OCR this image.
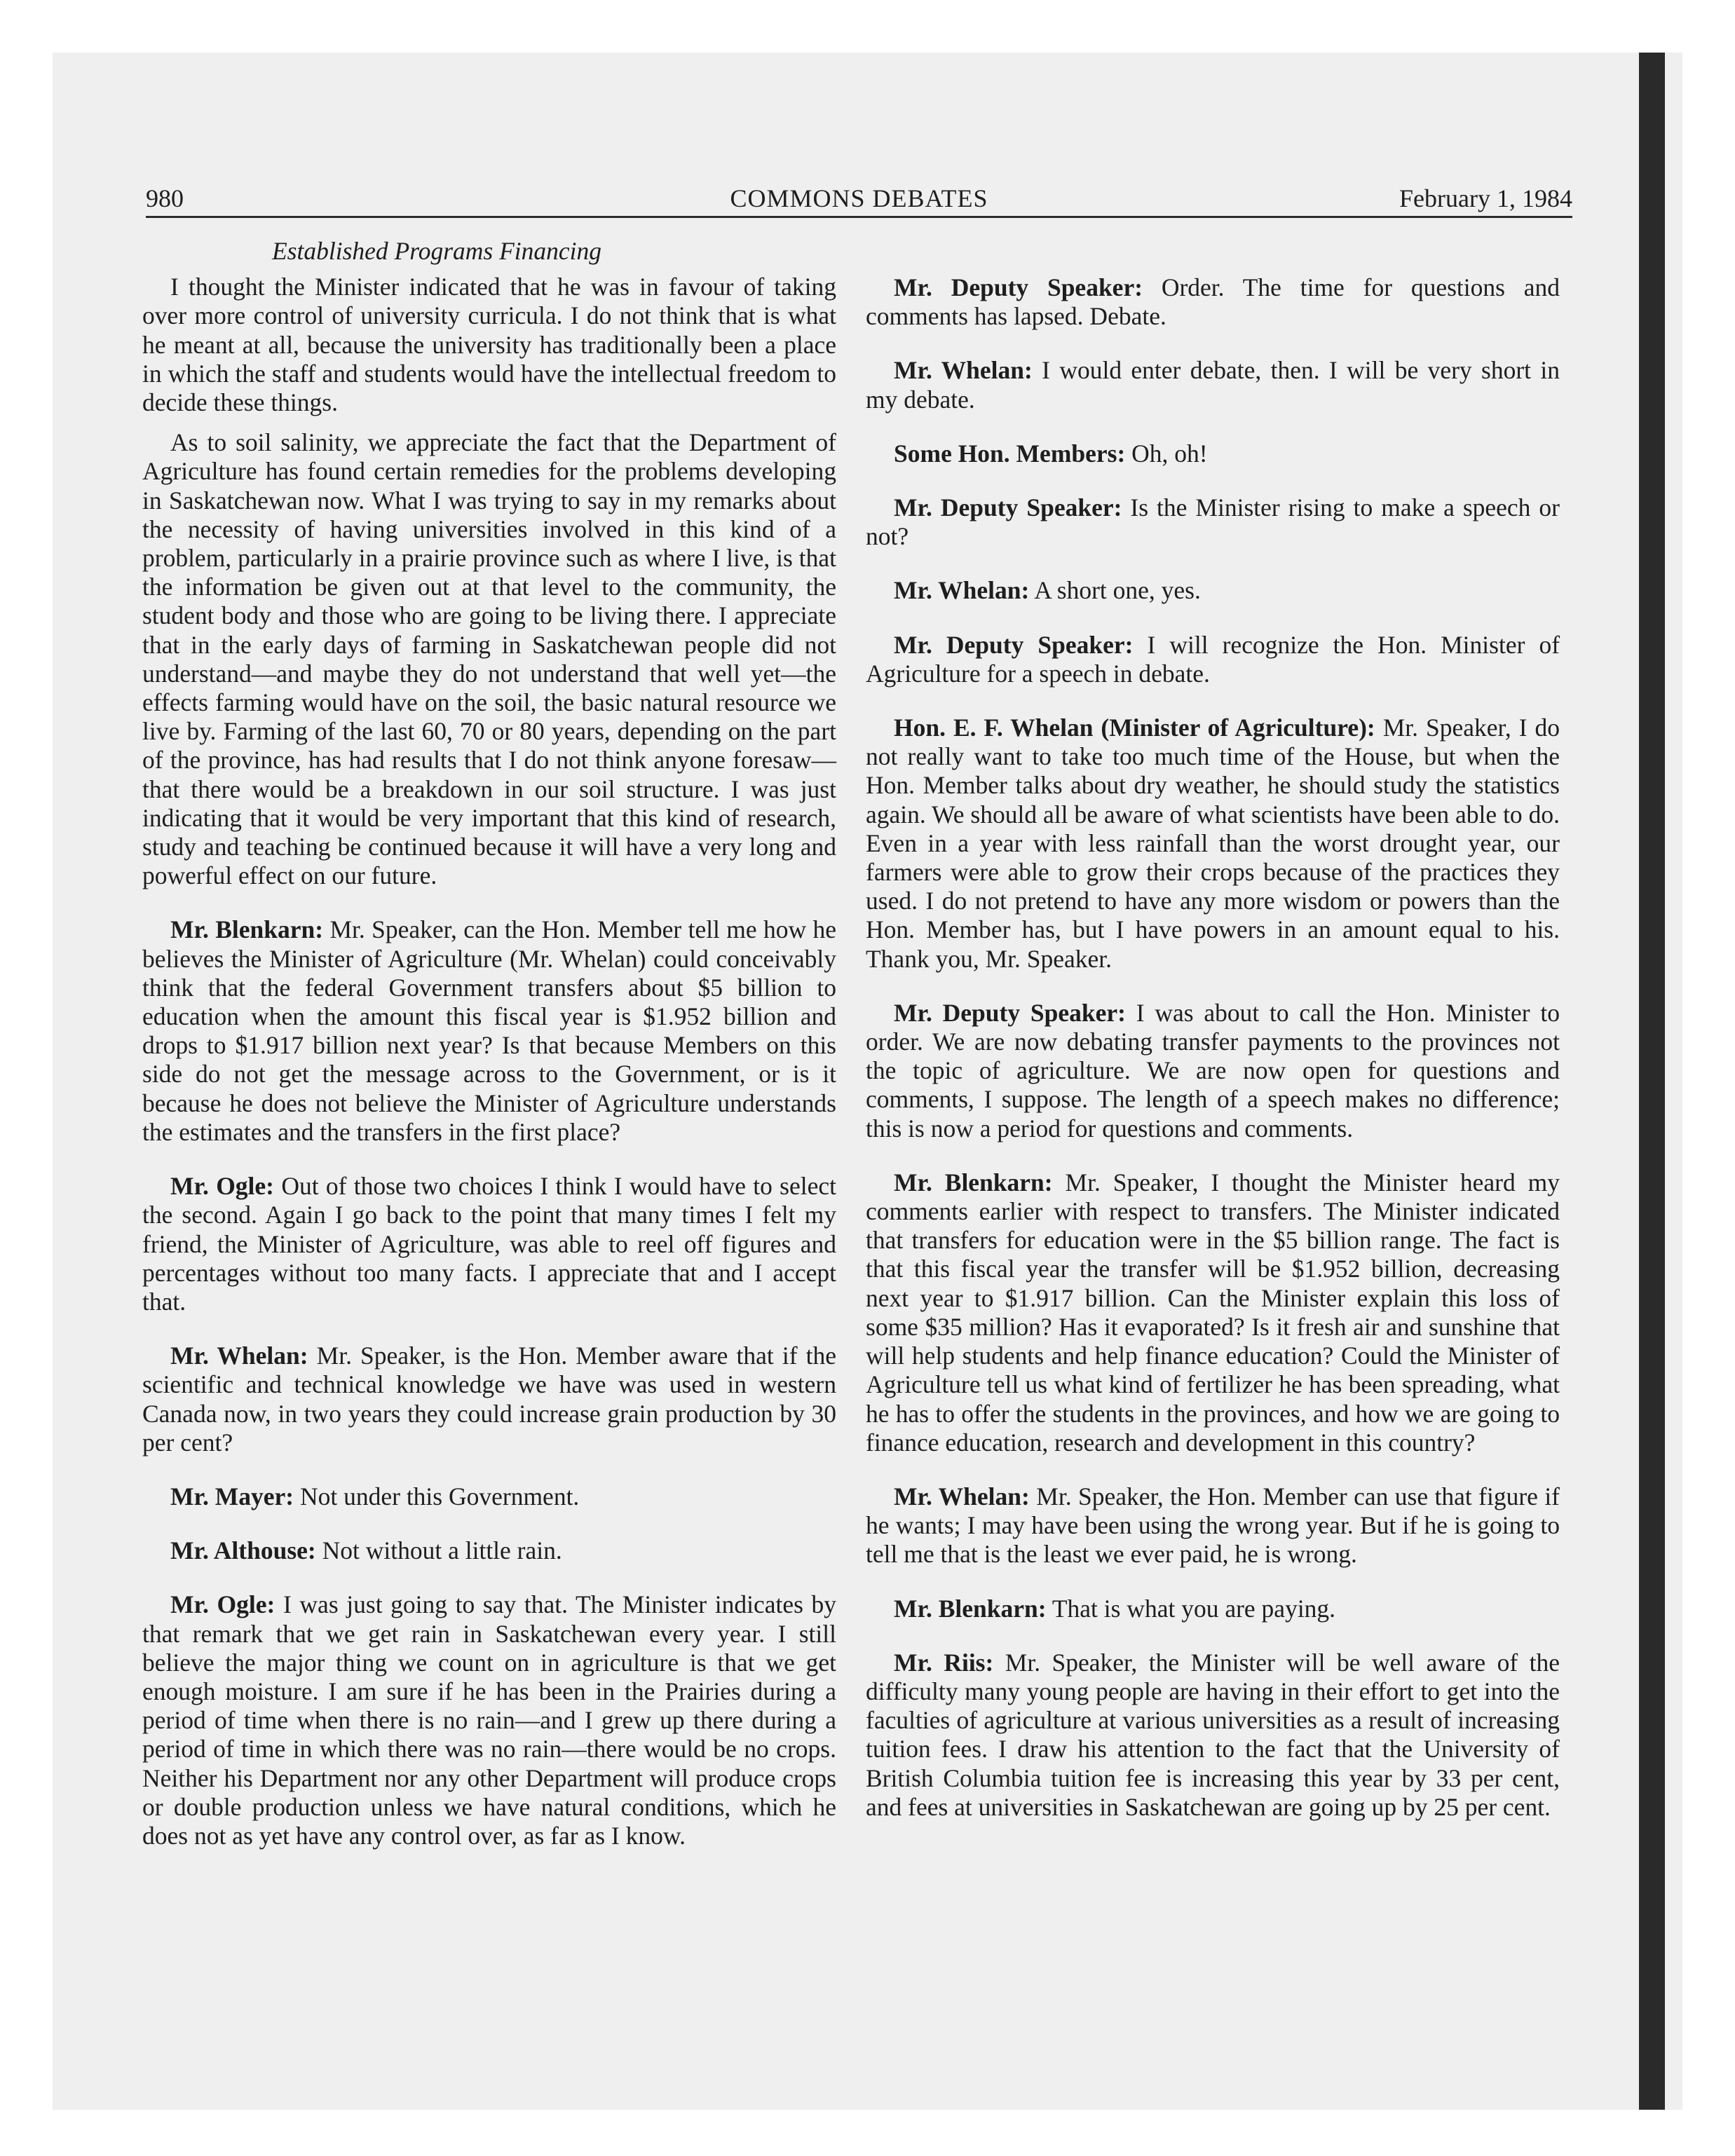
980	COMMONS DEBATES	February 1, 1984
Established Programs Financing

I thought the Minister indicated that he was in favour of taking over more control of university curricula. I do not think that is what he meant at all, because the university has traditionally been a place in which the staff and students would have the intellectual freedom to decide these things.

As to soil salinity, we appreciate the fact that the Department of Agriculture has found certain remedies for the problems developing in Saskatchewan now. What I was trying to say in my remarks about the necessity of having universities involved in this kind of a problem, particularly in a prairie province such as where I live, is that the information be given out at that level to the community, the student body and those who are going to be living there. I appreciate that in the early days of farming in Saskatchewan people did not understand—and maybe they do not understand that well yet—the effects farming would have on the soil, the basic natural resource we live by. Farming of the last 60, 70 or 80 years, depending on the part of the province, has had results that I do not think anyone foresaw—that there would be a breakdown in our soil structure. I was just indicating that it would be very important that this kind of research, study and teaching be continued because it will have a very long and powerful effect on our future.

Mr. Blenkarn: Mr. Speaker, can the Hon. Member tell me how he believes the Minister of Agriculture (Mr. Whelan) could conceivably think that the federal Government transfers about $5 billion to education when the amount this fiscal year is $1.952 billion and drops to $1.917 billion next year? Is that because Members on this side do not get the message across to the Government, or is it because he does not believe the Minister of Agriculture understands the estimates and the transfers in the first place?

Mr. Ogle: Out of those two choices I think I would have to select the second. Again I go back to the point that many times I felt my friend, the Minister of Agriculture, was able to reel off figures and percentages without too many facts. I appreciate that and I accept that.

Mr. Whelan: Mr. Speaker, is the Hon. Member aware that if the scientific and technical knowledge we have was used in western Canada now, in two years they could increase grain production by 30 per cent?

Mr. Mayer: Not under this Government.

Mr. Althouse: Not without a little rain.

Mr. Ogle: I was just going to say that. The Minister indicates by that remark that we get rain in Saskatchewan every year. I still believe the major thing we count on in agriculture is that we get enough moisture. I am sure if he has been in the Prairies during a period of time when there is no rain—and I grew up there during a period of time in which there was no rain—there would be no crops. Neither his Department nor any other Department will produce crops or double production unless we have natural conditions, which he does not as yet have any control over, as far as I know.

Mr. Deputy Speaker: Order. The time for questions and comments has lapsed. Debate.

Mr. Whelan: I would enter debate, then. I will be very short in my debate.

Some Hon. Members: Oh, oh!

Mr. Deputy Speaker: Is the Minister rising to make a speech or not?

Mr. Whelan: A short one, yes.

Mr. Deputy Speaker: I will recognize the Hon. Minister of Agriculture for a speech in debate.

Hon. E. F. Whelan (Minister of Agriculture): Mr. Speaker, I do not really want to take too much time of the House, but when the Hon. Member talks about dry weather, he should study the statistics again. We should all be aware of what scientists have been able to do. Even in a year with less rainfall than the worst drought year, our farmers were able to grow their crops because of the practices they used. I do not pretend to have any more wisdom or powers than the Hon. Member has, but I have powers in an amount equal to his. Thank you, Mr. Speaker.

Mr. Deputy Speaker: I was about to call the Hon. Minister to order. We are now debating transfer payments to the provinces not the topic of agriculture. We are now open for questions and comments, I suppose. The length of a speech makes no difference; this is now a period for questions and comments.

Mr. Blenkarn: Mr. Speaker, I thought the Minister heard my comments earlier with respect to transfers. The Minister indicated that transfers for education were in the $5 billion range. The fact is that this fiscal year the transfer will be $1.952 billion, decreasing next year to $1.917 billion. Can the Minister explain this loss of some $35 million? Has it evaporated? Is it fresh air and sunshine that will help students and help finance education? Could the Minister of Agriculture tell us what kind of fertilizer he has been spreading, what he has to offer the students in the provinces, and how we are going to finance education, research and development in this country?

Mr. Whelan: Mr. Speaker, the Hon. Member can use that figure if he wants; I may have been using the wrong year. But if he is going to tell me that is the least we ever paid, he is wrong.

Mr. Blenkarn: That is what you are paying.

Mr. Riis: Mr. Speaker, the Minister will be well aware of the difficulty many young people are having in their effort to get into the faculties of agriculture at various universities as a result of increasing tuition fees. I draw his attention to the fact that the University of British Columbia tuition fee is increasing this year by 33 per cent, and fees at universities in Saskatchewan are going up by 25 per cent.
